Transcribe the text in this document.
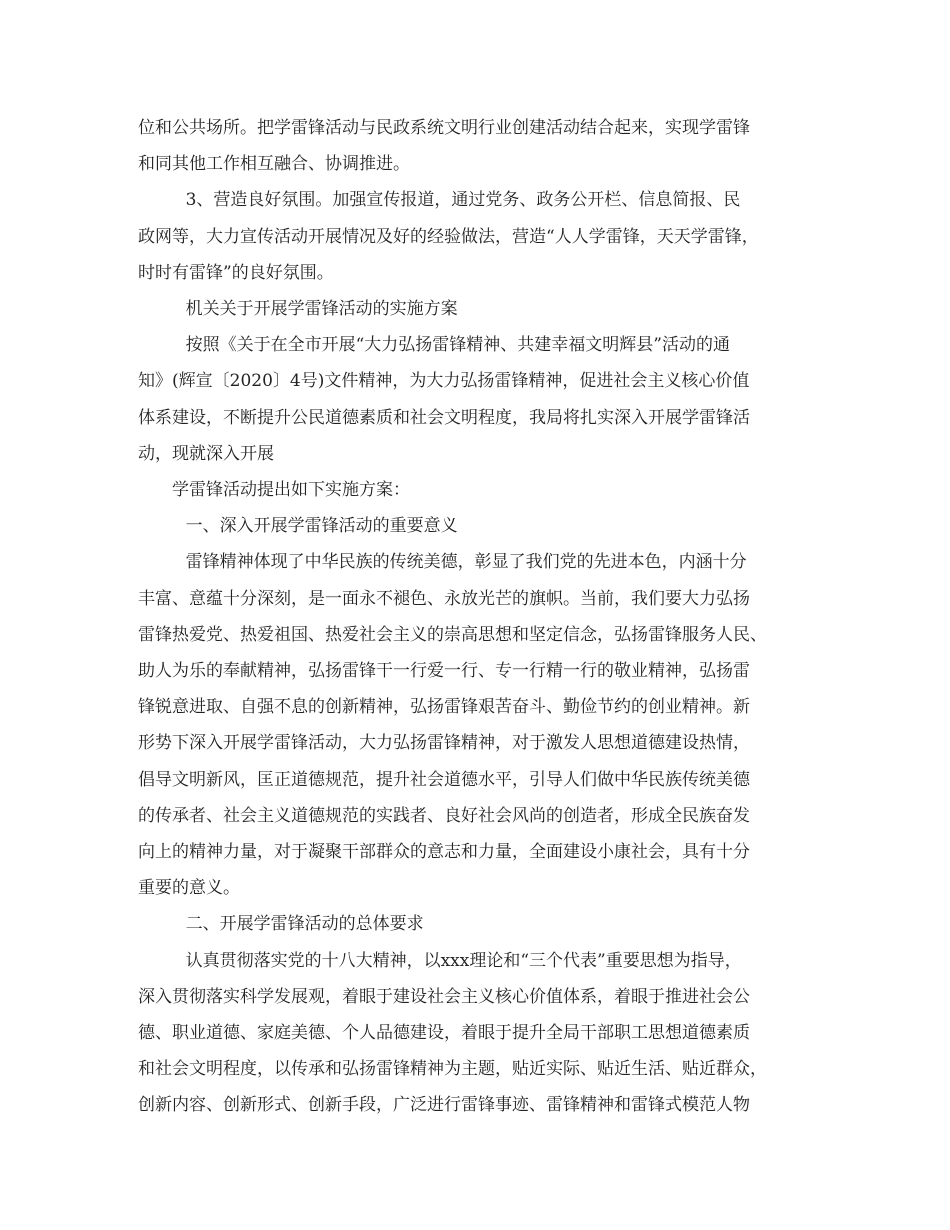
位和公共场所。把学雷锋活动与民政系统文明行业创建活动结合起来，实现学雷锋
和同其他工作相互融合、协调推进。
3、营造良好氛围。加强宣传报道，通过党务、政务公开栏、信息简报、民
政网等，大力宣传活动开展情况及好的经验做法，营造“人人学雷锋，天天学雷锋，
时时有雷锋”的良好氛围。
机关关于开展学雷锋活动的实施方案
按照《关于在全市开展“大力弘扬雷锋精神、共建幸福文明辉县”活动的通
知》(辉宣〔2020〕4号)文件精神，为大力弘扬雷锋精神，促进社会主义核心价值
体系建设，不断提升公民道德素质和社会文明程度，我局将扎实深入开展学雷锋活
动，现就深入开展
学雷锋活动提出如下实施方案：
一、深入开展学雷锋活动的重要意义
雷锋精神体现了中华民族的传统美德，彰显了我们党的先进本色，内涵十分
丰富、意蕴十分深刻，是一面永不褪色、永放光芒的旗帜。当前，我们要大力弘扬
雷锋热爱党、热爱祖国、热爱社会主义的崇高思想和坚定信念，弘扬雷锋服务人民、
助人为乐的奉献精神，弘扬雷锋干一行爱一行、专一行精一行的敬业精神，弘扬雷
锋锐意进取、自强不息的创新精神，弘扬雷锋艰苦奋斗、勤俭节约的创业精神。新
形势下深入开展学雷锋活动，大力弘扬雷锋精神，对于激发人思想道德建设热情，
倡导文明新风，匡正道德规范，提升社会道德水平，引导人们做中华民族传统美德
的传承者、社会主义道德规范的实践者、良好社会风尚的创造者，形成全民族奋发
向上的精神力量，对于凝聚干部群众的意志和力量，全面建设小康社会，具有十分
重要的意义。
二、开展学雷锋活动的总体要求
认真贯彻落实党的十八大精神，以xxx理论和“三个代表”重要思想为指导，
深入贯彻落实科学发展观，着眼于建设社会主义核心价值体系，着眼于推进社会公
德、职业道德、家庭美德、个人品德建设，着眼于提升全局干部职工思想道德素质
和社会文明程度，以传承和弘扬雷锋精神为主题，贴近实际、贴近生活、贴近群众，
创新内容、创新形式、创新手段，广泛进行雷锋事迹、雷锋精神和雷锋式模范人物
